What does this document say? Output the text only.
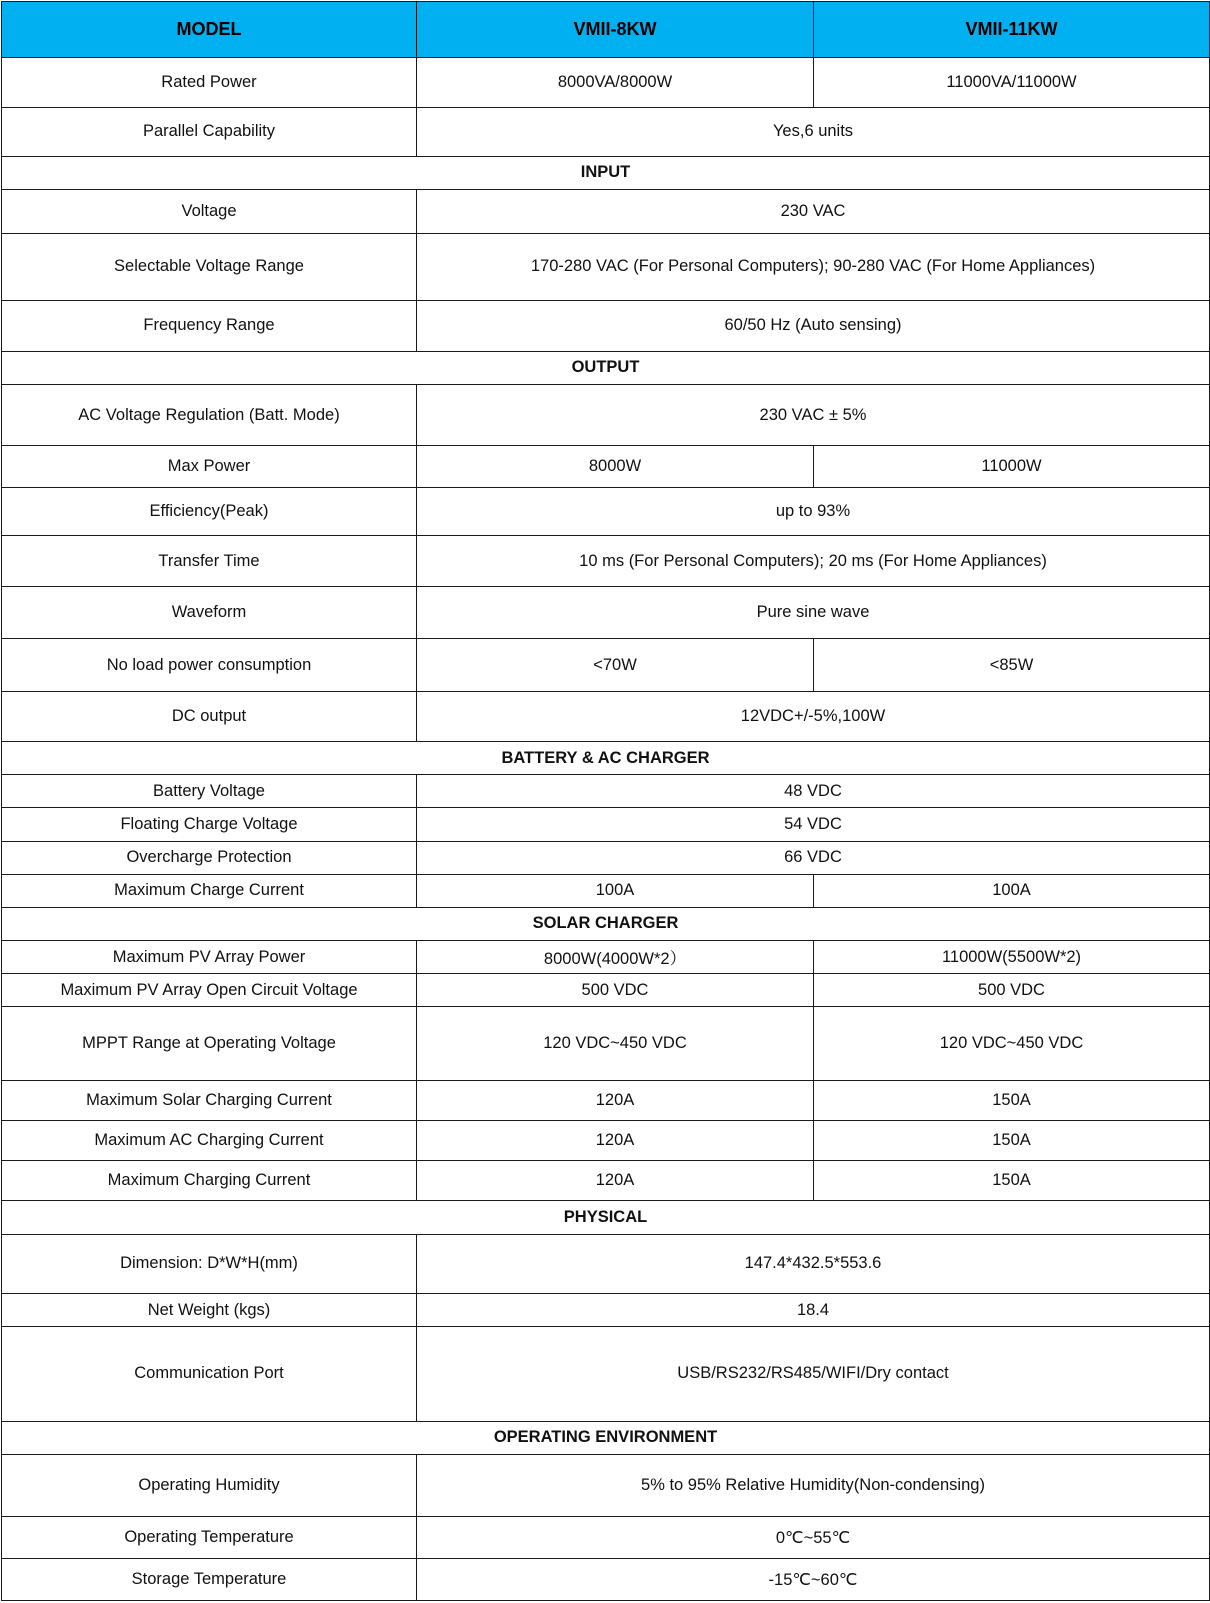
MODEL	VMII-8KW	VMII-11KW
Rated Power	8000VA/8000W	11000VA/11000W
Parallel Capability	Yes,6 units	
INPUT		
Voltage	230 VAC	
Selectable Voltage Range	170-280 VAC (For Personal Computers); 90-280 VAC (For Home Appliances)	
Frequency Range	60/50 Hz (Auto sensing)	
OUTPUT		
AC Voltage Regulation (Batt. Mode)	230 VAC ± 5%	
Max Power	8000W	11000W
Efficiency(Peak)	up to 93%	
Transfer Time	10 ms (For Personal Computers); 20 ms (For Home Appliances)	
Waveform	Pure sine wave	
No load power consumption	<70W	<85W
DC output	12VDC+/-5%,100W	
BATTERY & AC CHARGER		
Battery Voltage	48 VDC	
Floating Charge Voltage	54 VDC	
Overcharge Protection	66 VDC	
Maximum Charge Current	100A	100A
SOLAR CHARGER		
Maximum PV Array Power	8000W(4000W*2）	11000W(5500W*2)
Maximum PV Array Open Circuit Voltage	500 VDC	500 VDC
MPPT Range at Operating Voltage	120 VDC~450 VDC	120 VDC~450 VDC
Maximum Solar Charging Current	120A	150A
Maximum AC Charging Current	120A	150A
Maximum Charging Current	120A	150A
PHYSICAL		
Dimension: D*W*H(mm)	147.4*432.5*553.6	
Net Weight (kgs)	18.4	
Communication Port	USB/RS232/RS485/WIFI/Dry contact	
OPERATING ENVIRONMENT		
Operating Humidity	5% to 95% Relative Humidity(Non-condensing)	
Operating Temperature	0℃~55℃	
Storage Temperature	-15℃~60℃	
